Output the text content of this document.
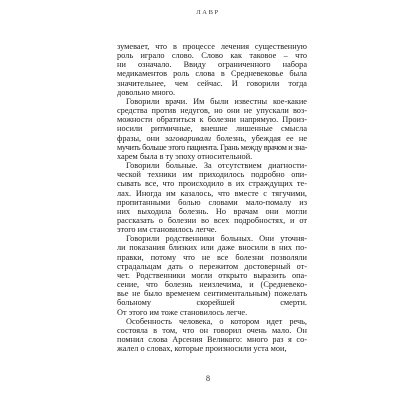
ЛАВР
зумевает, что в процессе лечения существенную
роль играло слово. Слово как таковое – что
ни означало. Ввиду ограниченного набора
медикаментов роль слова в Средневековье была
значительнее, чем сейчас. И говорили тогда
довольно много.
Говорили врачи. Им были известны кое-какие
средства против недугов, но они не упускали воз-
можности обратиться к болезни напрямую. Произ-
носили ритмичные, внешне лишенные смысла
фразы, они заговаривали болезнь, убеждая ее не
мучить больше этого пациента. Грань между врачом и зна-
харем была в ту эпоху относительной.
Говорили больные. За отсутствием диагности-
ческой техники им приходилось подробно опи-
сывать все, что происходило в их страждущих те-
лах. Иногда им казалось, что вместе с тягучими,
пропитанными болью словами мало-помалу из
них выходила болезнь. Но врачам они могли
рассказать о болезни во всех подробностях, и от
этого им становилось легче.
Говорили родственники больных. Они уточня-
ли показания близких или даже вносили в них по-
правки, потому что не все болезни позволяли
страдальцам дать о пережитом достоверный от-
чет. Родственники могли открыто выразить опа-
сение, что болезнь неизлечима, и (Средневеко-
вье не было временем сентиментальным) пожелать
больному скорейшей смерти.
От этого им тоже становилось легче.
Особенность человека, о котором идет речь,
состояла в том, что он говорил очень мало. Он
помнил слова Арсения Великого: много раз я со-
жалел о словах, которые произносили уста мои,
8
